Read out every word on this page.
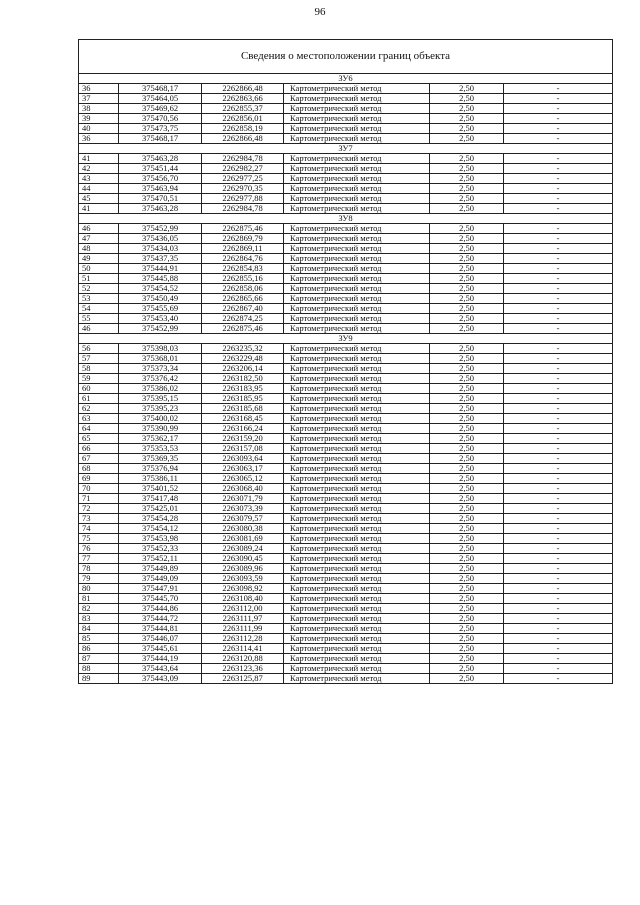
96
Сведения о местоположении границ объекта					
ЗУ6					
36	375468,17	2262866,48	Картометрический метод	2,50	-
37	375464,05	2262863,66	Картометрический метод	2,50	-
38	375469,62	2262855,37	Картометрический метод	2,50	-
39	375470,56	2262856,01	Картометрический метод	2,50	-
40	375473,75	2262858,19	Картометрический метод	2,50	-
36	375468,17	2262866,48	Картометрический метод	2,50	-
ЗУ7					
41	375463,28	2262984,78	Картометрический метод	2,50	-
42	375451,44	2262982,27	Картометрический метод	2,50	-
43	375456,70	2262977,25	Картометрический метод	2,50	-
44	375463,94	2262970,35	Картометрический метод	2,50	-
45	375470,51	2262977,88	Картометрический метод	2,50	-
41	375463,28	2262984,78	Картометрический метод	2,50	-
ЗУ8					
46	375452,99	2262875,46	Картометрический метод	2,50	-
47	375436,05	2262869,79	Картометрический метод	2,50	-
48	375434,03	2262869,11	Картометрический метод	2,50	-
49	375437,35	2262864,76	Картометрический метод	2,50	-
50	375444,91	2262854,83	Картометрический метод	2,50	-
51	375445,88	2262855,16	Картометрический метод	2,50	-
52	375454,52	2262858,06	Картометрический метод	2,50	-
53	375450,49	2262865,66	Картометрический метод	2,50	-
54	375455,69	2262867,40	Картометрический метод	2,50	-
55	375453,40	2262874,25	Картометрический метод	2,50	-
46	375452,99	2262875,46	Картометрический метод	2,50	-
ЗУ9					
56	375398,03	2263235,32	Картометрический метод	2,50	-
57	375368,01	2263229,48	Картометрический метод	2,50	-
58	375373,34	2263206,14	Картометрический метод	2,50	-
59	375376,42	2263182,50	Картометрический метод	2,50	-
60	375386,02	2263183,95	Картометрический метод	2,50	-
61	375395,15	2263185,95	Картометрический метод	2,50	-
62	375395,23	2263185,68	Картометрический метод	2,50	-
63	375400,02	2263168,45	Картометрический метод	2,50	-
64	375390,99	2263166,24	Картометрический метод	2,50	-
65	375362,17	2263159,20	Картометрический метод	2,50	-
66	375353,53	2263157,08	Картометрический метод	2,50	-
67	375369,35	2263093,64	Картометрический метод	2,50	-
68	375376,94	2263063,17	Картометрический метод	2,50	-
69	375386,11	2263065,12	Картометрический метод	2,50	-
70	375401,52	2263068,40	Картометрический метод	2,50	-
71	375417,48	2263071,79	Картометрический метод	2,50	-
72	375425,01	2263073,39	Картометрический метод	2,50	-
73	375454,28	2263079,57	Картометрический метод	2,50	-
74	375454,12	2263080,38	Картометрический метод	2,50	-
75	375453,98	2263081,69	Картометрический метод	2,50	-
76	375452,33	2263089,24	Картометрический метод	2,50	-
77	375452,11	2263090,45	Картометрический метод	2,50	-
78	375449,89	2263089,96	Картометрический метод	2,50	-
79	375449,09	2263093,59	Картометрический метод	2,50	-
80	375447,91	2263098,92	Картометрический метод	2,50	-
81	375445,70	2263108,40	Картометрический метод	2,50	-
82	375444,86	2263112,00	Картометрический метод	2,50	-
83	375444,72	2263111,97	Картометрический метод	2,50	-
84	375444,81	2263111,99	Картометрический метод	2,50	-
85	375446,07	2263112,28	Картометрический метод	2,50	-
86	375445,61	2263114,41	Картометрический метод	2,50	-
87	375444,19	2263120,88	Картометрический метод	2,50	-
88	375443,64	2263123,36	Картометрический метод	2,50	-
89	375443,09	2263125,87	Картометрический метод	2,50	-
